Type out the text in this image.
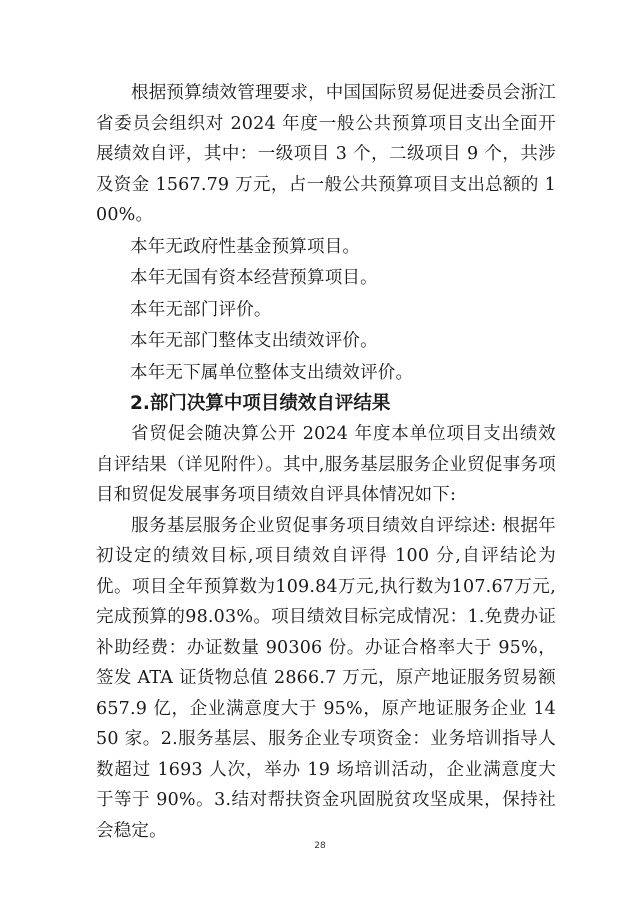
根据预算绩效管理要求，中国国际贸易促进委员会浙江省委员会组织对 2024 年度一般公共预算项目支出全面开展绩效自评，其中：一级项目 3 个，二级项目 9 个，共涉及资金 1567.79 万元，占一般公共预算项目支出总额的 100%。

本年无政府性基金预算项目。

本年无国有资本经营预算项目。

本年无部门评价。

本年无部门整体支出绩效评价。

本年无下属单位整体支出绩效评价。

2.部门决算中项目绩效自评结果

省贸促会随决算公开 2024 年度本单位项目支出绩效自评结果（详见附件）。其中,服务基层服务企业贸促事务项目和贸促发展事务项目绩效自评具体情况如下:

服务基层服务企业贸促事务项目绩效自评综述: 根据年初设定的绩效目标,项目绩效自评得 100 分,自评结论为优。项目全年预算数为109.84万元,执行数为107.67万元,完成预算的98.03%。项目绩效目标完成情况：1.免费办证补助经费：办证数量 90306 份。办证合格率大于 95%，签发 ATA 证货物总值 2866.7 万元，原产地证服务贸易额 657.9 亿，企业满意度大于 95%，原产地证服务企业 1450 家。2.服务基层、服务企业专项资金：业务培训指导人数超过 1693 人次，举办 19 场培训活动，企业满意度大于等于 90%。3.结对帮扶资金巩固脱贫攻坚成果，保持社会稳定。

28
